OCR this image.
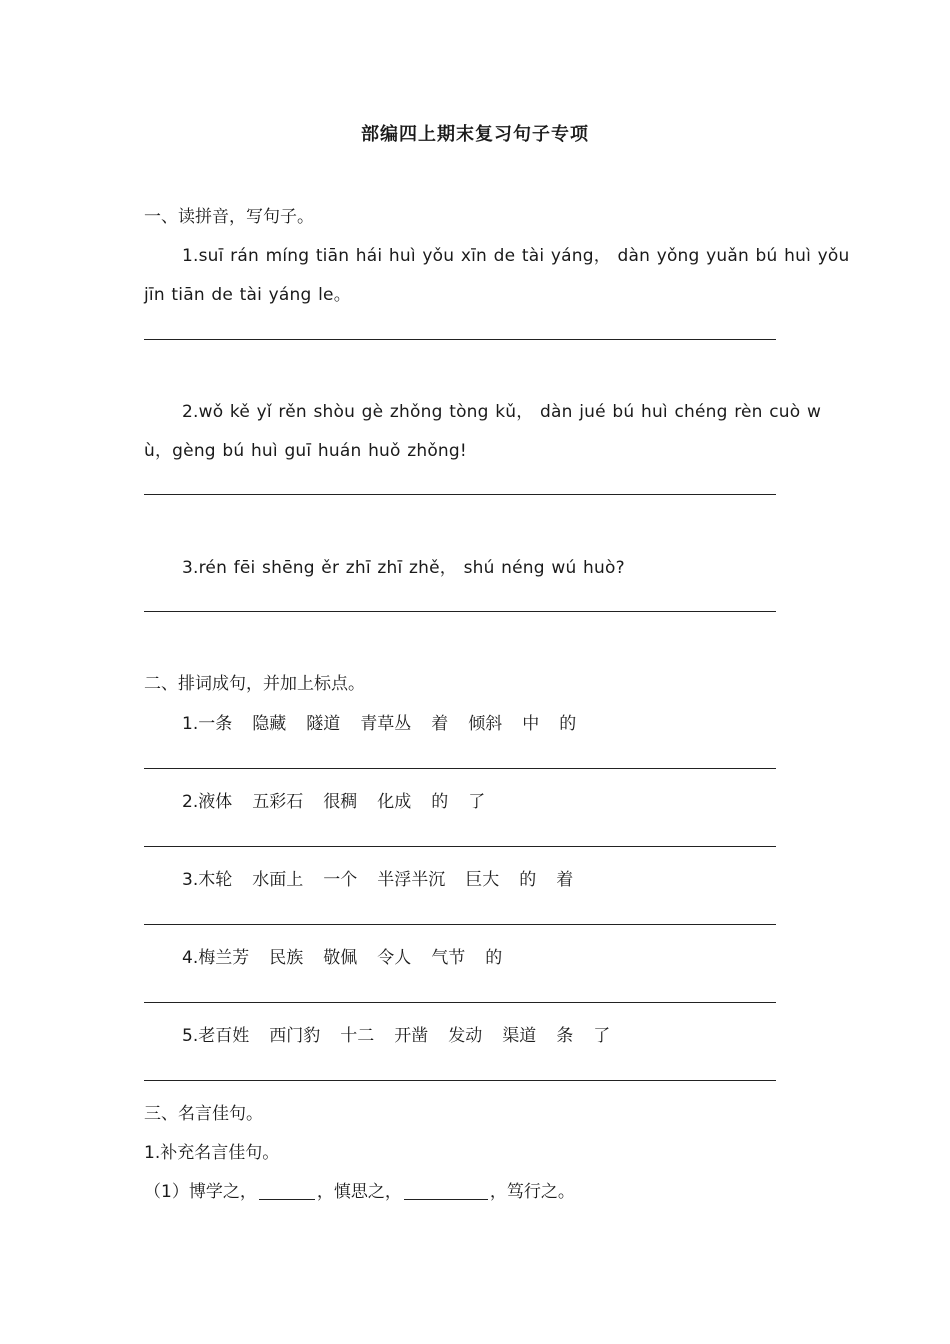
部编四上期末复习句子专项
一、读拼音，写句子。
1.suī rán míng tiān hái huì yǒu xīn de tài yáng， dàn yǒng yuǎn bú huì yǒu
jīn tiān de tài yáng le。
2.wǒ kě yǐ rěn shòu gè zhǒng tòng kǔ， dàn jué bú huì chéng rèn cuò w
ù，gèng bú huì guī huán huǒ zhǒng!
3.rén fēi shēng ěr zhī zhī zhě， shú néng wú huò?
二、排词成句，并加上标点。
1.一条 隐藏 隧道 青草丛 着 倾斜 中 的
2.液体 五彩石 很稠 化成 的 了
3.木轮 水面上 一个 半浮半沉 巨大 的 着
4.梅兰芳 民族 敬佩 令人 气节 的
5.老百姓 西门豹 十二 开凿 发动 渠道 条 了
三、名言佳句。
1.补充名言佳句。
（1）博学之，	，慎思之，	，笃行之。
